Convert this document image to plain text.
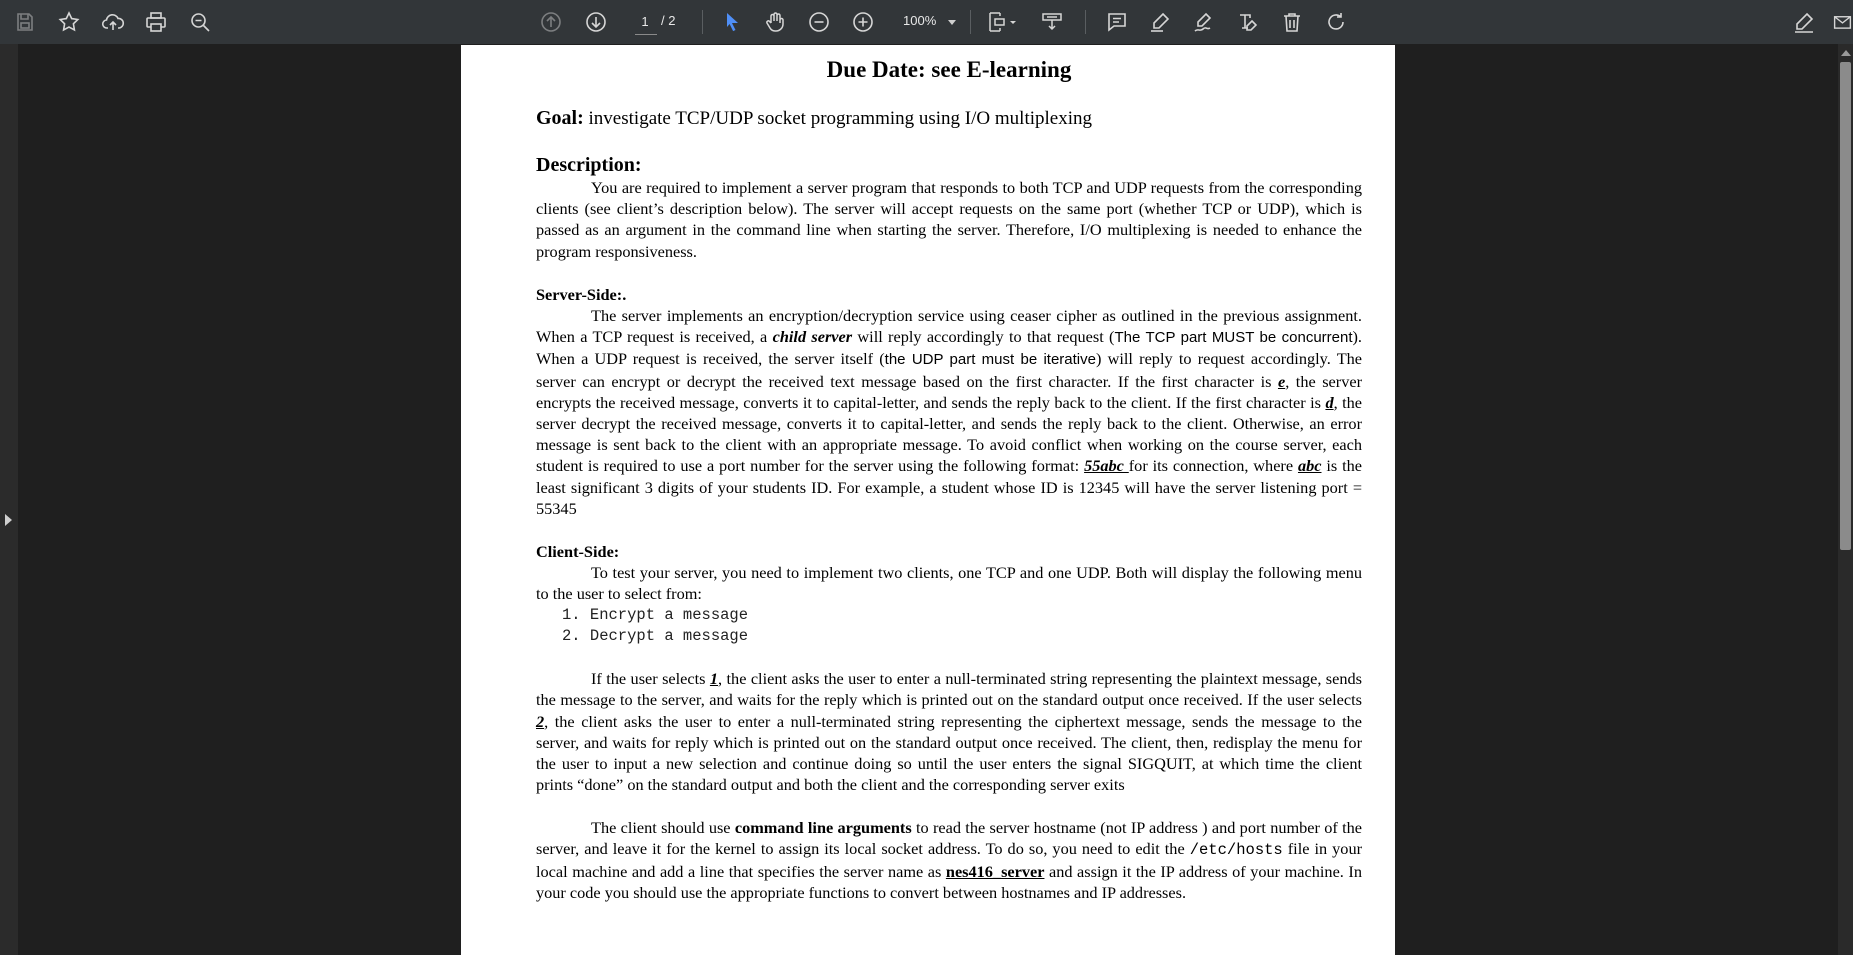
1
/ 2	100%
Due Date: see E-learning
Goal: investigate TCP/UDP socket programming using I/O multiplexing
Description:
You are required to implement a server program that responds to both TCP and UDP requests from the corresponding clients (see client’s description below). The server will accept requests on the same port (whether TCP or UDP), which is passed as an argument in the command line when starting the server. Therefore, I/O multiplexing is needed to enhance the program responsiveness.
Server-Side:.
The server implements an encryption/decryption service using ceaser cipher as outlined in the previous assignment. When a TCP request is received, a child server will reply accordingly to that request (The TCP part MUST be concurrent). When a UDP request is received, the server itself (the UDP part must be iterative) will reply to request accordingly. The server can encrypt or decrypt the received text message based on the first character. If the first character is e, the server encrypts the received message, converts it to capital-letter, and sends the reply back to the client. If the first character is d, the server decrypt the received message, converts it to capital-letter, and sends the reply back to the client. Otherwise, an error message is sent back to the client with an appropriate message. To avoid conflict when working on the course server, each student is required to use a port number for the server using the following format: 55abc for its connection, where abc is the least significant 3 digits of your students ID. For example, a student whose ID is 12345 will have the server listening port = 55345
Client-Side:
To test your server, you need to implement two clients, one TCP and one UDP. Both will display the following menu to the user to select from:
1. Encrypt a message
2. Decrypt a message
If the user selects 1, the client asks the user to enter a null-terminated string representing the plaintext message, sends the message to the server, and waits for the reply which is printed out on the standard output once received. If the user selects 2, the client asks the user to enter a null-terminated string representing the ciphertext message, sends the message to the server, and waits for reply which is printed out on the standard output once received. The client, then, redisplay the menu for the user to input a new selection and continue doing so until the user enters the signal SIGQUIT, at which time the client prints “done” on the standard output and both the client and the corresponding server exits
The client should use command line arguments to read the server hostname (not IP address ) and port number of the server, and leave it for the kernel to assign its local socket address. To do so, you need to edit the /etc/hosts file in your local machine and add a line that specifies the server name as nes416_server and assign it the IP address of your machine. In your code you should use the appropriate functions to convert between hostnames and IP addresses.
